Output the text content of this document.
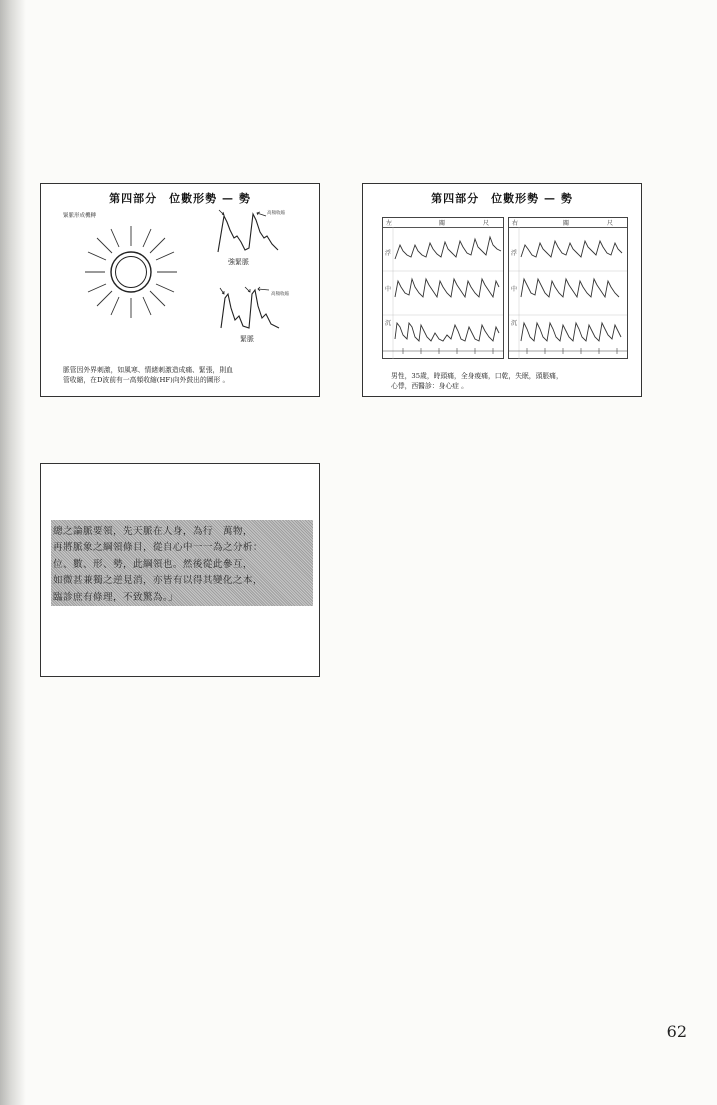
第四部分　位數形勢 — 勢
緊脈形成機轉	高頻收縮
強緊脈
高頻收縮
緊脈
脈管因外界刺激，如風寒、情緒刺激造成痛、緊張，則血
管收縮，在D波前有一高頻收縮(HF)向外鼓出的圖形 。
第四部分　位數形勢 — 勢
左	關	尺
浮
中
沉
右	關	尺
浮
中
沉
男性，35歲，時頭痛，全身痠痛，口乾，失眠，頭脹痛，
心悸，西醫診：身心症 。
總之論脈要領，先天脈在人身，為行　萬物，
再將脈象之綱領條目，從自心中一一為之分析：
位、數、形、勢，此綱領也。然後從此參互，
如微甚兼獨之逆見消，亦皆有以得其變化之本，
臨診庶有條理，不致驚為。」
62
